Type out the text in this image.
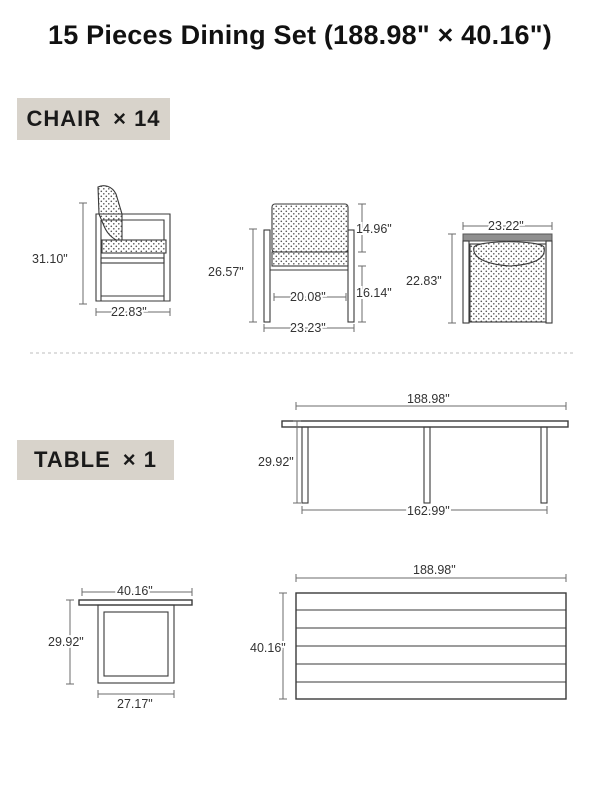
15 Pieces Dining Set (188.98" × 40.16")
CHAIR × 14
TABLE × 1
31.10"
22.83"
26.57"
14.96"
16.14"
20.08"
23.23"
23.22"
22.83"
188.98"
162.99"
29.92"
40.16"
29.92"
27.17"
188.98"
40.16"
